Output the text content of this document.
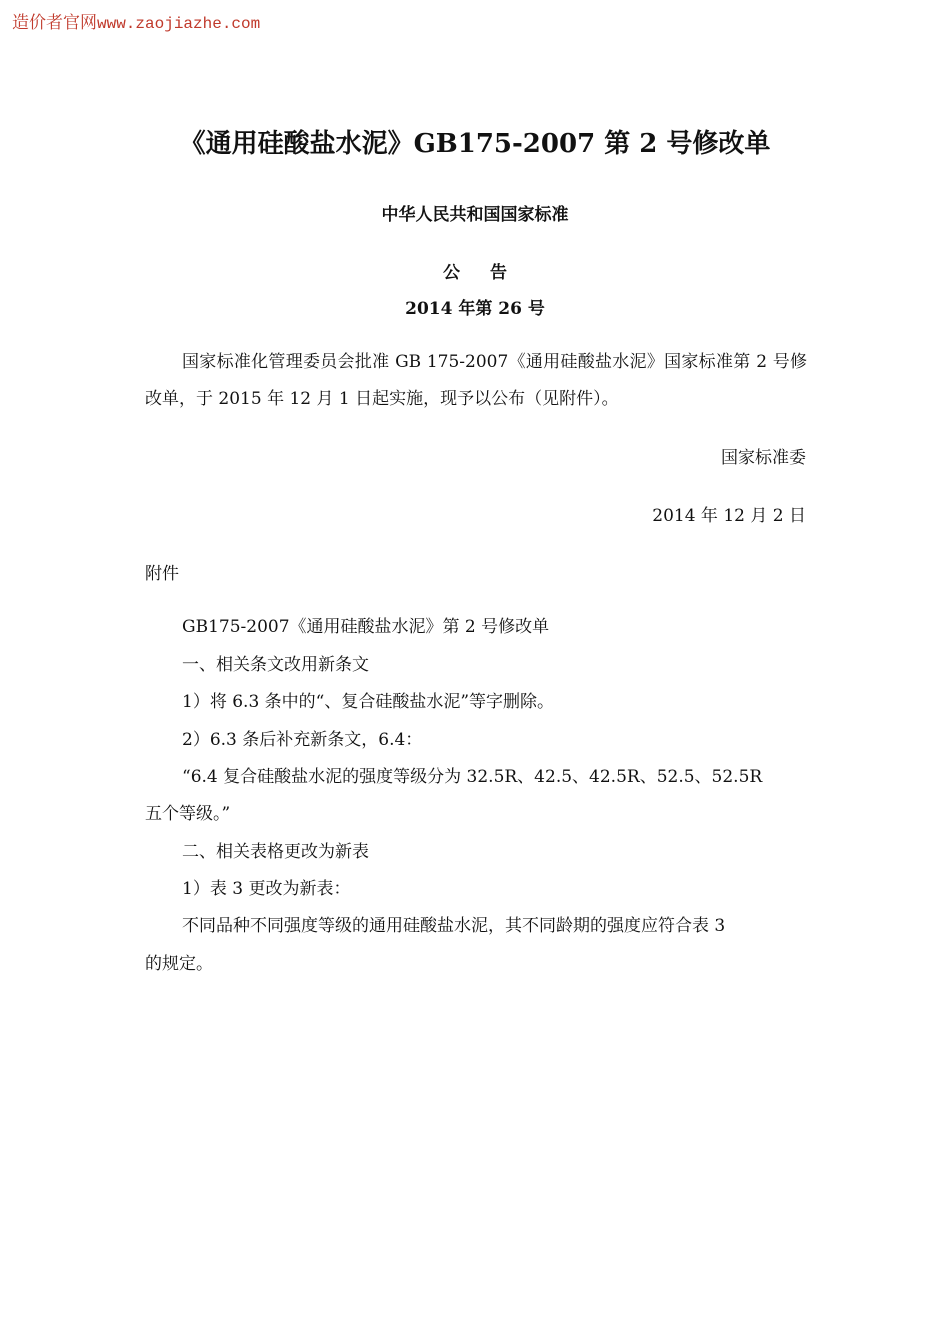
造价者官网www.zaojiazhe.com
《通用硅酸盐水泥》GB175-2007 第 2 号修改单
中华人民共和国国家标准
公告
2014 年第 26 号
国家标准化管理委员会批准 GB 175-2007《通用硅酸盐水泥》国家标准第 2 号修改单，于 2015 年 12 月 1 日起实施，现予以公布（见附件）。
国家标准委
2014 年 12 月 2 日
附件
GB175-2007《通用硅酸盐水泥》第 2 号修改单
一、相关条文改用新条文
1）将 6.3 条中的“、复合硅酸盐水泥”等字删除。
2）6.3 条后补充新条文，6.4：
“6.4 复合硅酸盐水泥的强度等级分为 32.5R、42.5、42.5R、52.5、52.5R
五个等级。”
二、相关表格更改为新表
1）表 3 更改为新表：
不同品种不同强度等级的通用硅酸盐水泥，其不同龄期的强度应符合表 3
的规定。
